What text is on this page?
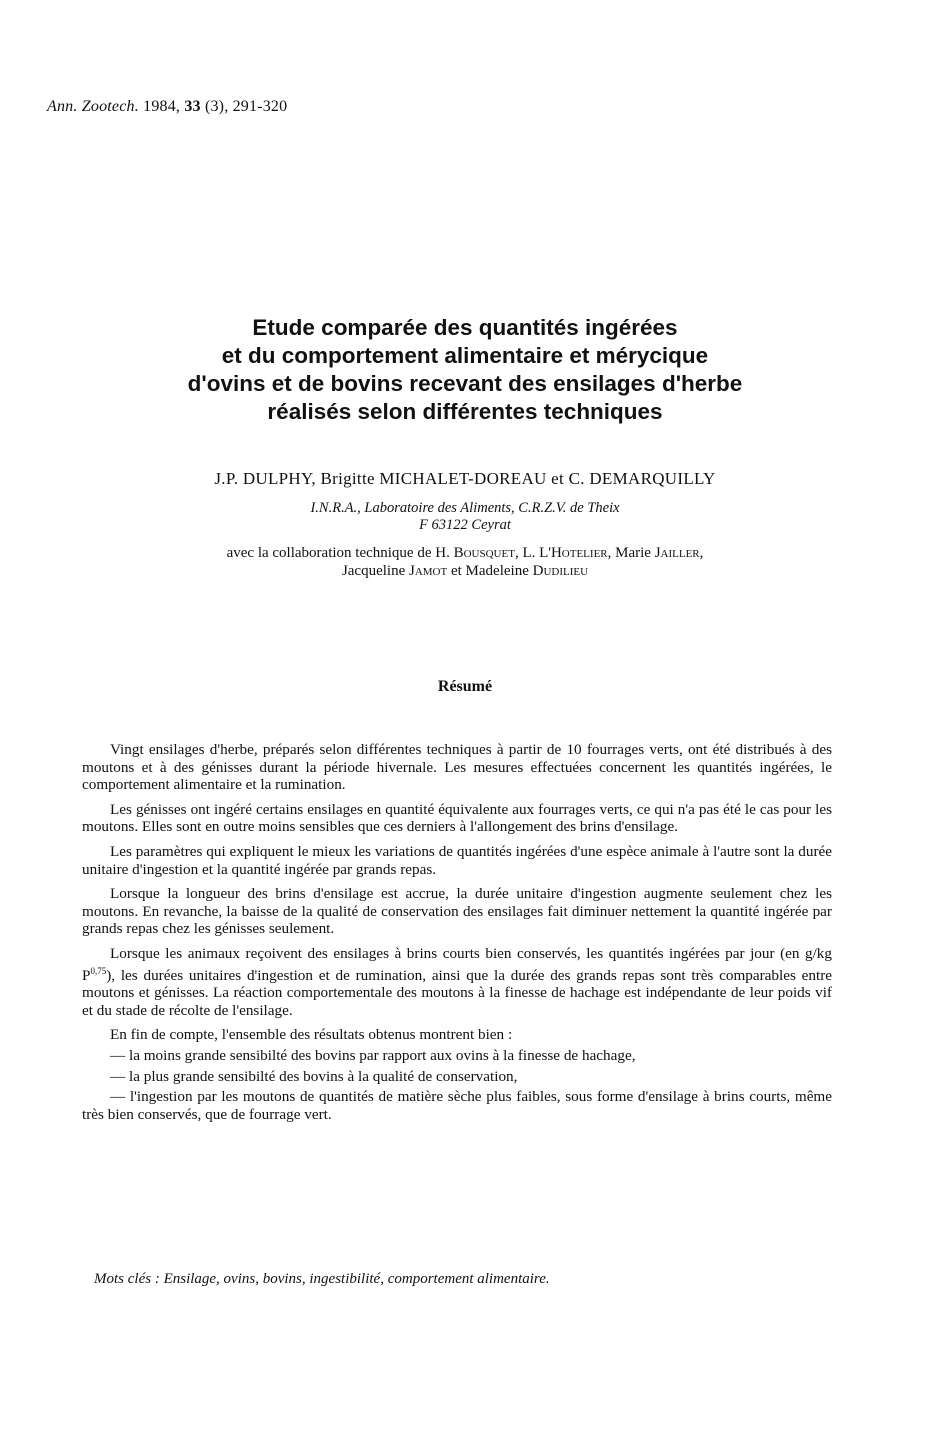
Ann. Zootech. 1984, 33 (3), 291-320
Etude comparée des quantités ingérées
et du comportement alimentaire et mérycique
d'ovins et de bovins recevant des ensilages d'herbe
réalisés selon différentes techniques
J.P. DULPHY, Brigitte MICHALET-DOREAU et C. DEMARQUILLY
I.N.R.A., Laboratoire des Aliments, C.R.Z.V. de Theix
F 63122 Ceyrat
avec la collaboration technique de H. Bousquet, L. L'Hotelier, Marie Jailler,
Jacqueline Jamot et Madeleine Dudilieu
Résumé

Vingt ensilages d'herbe, préparés selon différentes techniques à partir de 10 fourrages verts, ont été distribués à des moutons et à des génisses durant la période hivernale. Les mesures effectuées concernent les quantités ingérées, le comportement alimentaire et la rumination.

Les génisses ont ingéré certains ensilages en quantité équivalente aux fourrages verts, ce qui n'a pas été le cas pour les moutons. Elles sont en outre moins sensibles que ces derniers à l'allongement des brins d'ensilage.

Les paramètres qui expliquent le mieux les variations de quantités ingérées d'une espèce animale à l'autre sont la durée unitaire d'ingestion et la quantité ingérée par grands repas.

Lorsque la longueur des brins d'ensilage est accrue, la durée unitaire d'ingestion augmente seulement chez les moutons. En revanche, la baisse de la qualité de conservation des ensilages fait diminuer nettement la quantité ingérée par grands repas chez les génisses seulement.

Lorsque les animaux reçoivent des ensilages à brins courts bien conservés, les quantités ingérées par jour (en g/kg P$^{0,75}$), les durées unitaires d'ingestion et de rumination, ainsi que la durée des grands repas sont très comparables entre moutons et génisses. La réaction comportementale des moutons à la finesse de hachage est indépendante de leur poids vif et du stade de récolte de l'ensilage.

En fin de compte, l'ensemble des résultats obtenus montrent bien :

— la moins grande sensibilté des bovins par rapport aux ovins à la finesse de hachage,

— la plus grande sensibilté des bovins à la qualité de conservation,

— l'ingestion par les moutons de quantités de matière sèche plus faibles, sous forme d'ensilage à brins courts, même très bien conservés, que de fourrage vert.

Mots clés : Ensilage, ovins, bovins, ingestibilité, comportement alimentaire.
